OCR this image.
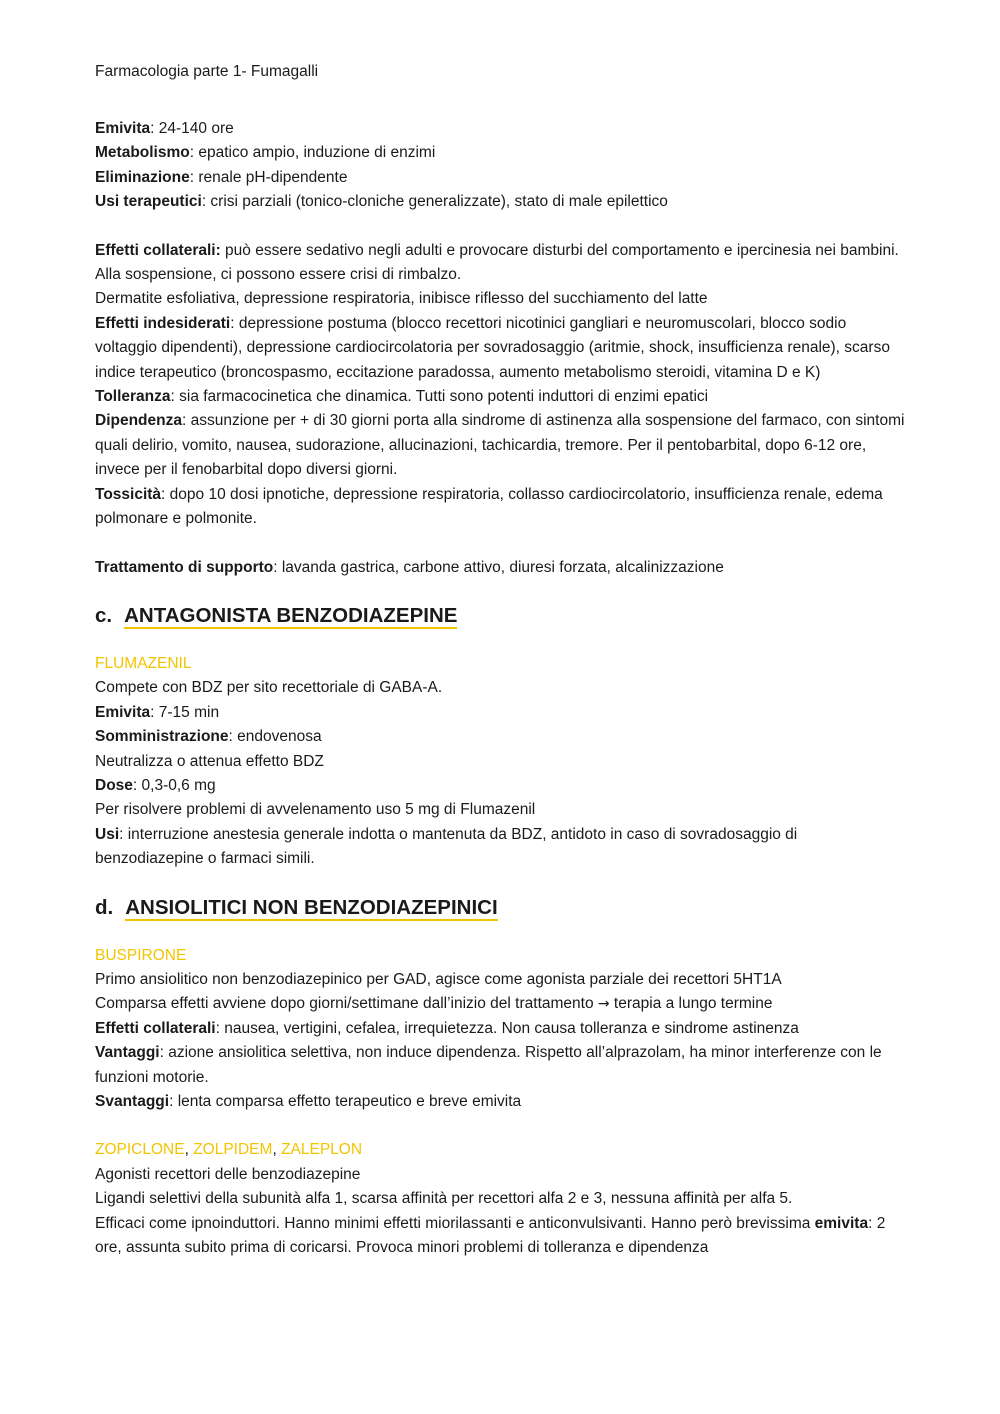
Farmacologia parte 1- Fumagalli

Emivita: 24-140 ore

Metabolismo: epatico ampio, induzione di enzimi

Eliminazione: renale pH-dipendente

Usi terapeutici: crisi parziali (tonico-cloniche generalizzate), stato di male epilettico

Effetti collaterali: può essere sedativo negli adulti e provocare disturbi del comportamento e ipercinesia nei bambini. Alla sospensione, ci possono essere crisi di rimbalzo.

Dermatite esfoliativa, depressione respiratoria, inibisce riflesso del succhiamento del latte

Effetti indesiderati: depressione postuma (blocco recettori nicotinici gangliari e neuromuscolari, blocco sodio voltaggio dipendenti), depressione cardiocircolatoria per sovradosaggio (aritmie, shock, insufficienza renale), scarso indice terapeutico (broncospasmo, eccitazione paradossa, aumento metabolismo steroidi, vitamina D e K)

Tolleranza: sia farmacocinetica che dinamica. Tutti sono potenti induttori di enzimi epatici

Dipendenza: assunzione per + di 30 giorni porta alla sindrome di astinenza alla sospensione del farmaco, con sintomi quali delirio, vomito, nausea, sudorazione, allucinazioni, tachicardia, tremore. Per il pentobarbital, dopo 6-12 ore, invece per il fenobarbital dopo diversi giorni.

Tossicità: dopo 10 dosi ipnotiche, depressione respiratoria, collasso cardiocircolatorio, insufficienza renale, edema polmonare e polmonite.

Trattamento di supporto: lavanda gastrica, carbone attivo, diuresi forzata, alcalinizzazione

c. ANTAGONISTA BENZODIAZEPINE

FLUMAZENIL

Compete con BDZ per sito recettoriale di GABA-A.

Emivita: 7-15 min

Somministrazione: endovenosa

Neutralizza o attenua effetto BDZ

Dose: 0,3-0,6 mg

Per risolvere problemi di avvelenamento uso 5 mg di Flumazenil

Usi: interruzione anestesia generale indotta o mantenuta da BDZ, antidoto in caso di sovradosaggio di benzodiazepine o farmaci simili.

d. ANSIOLITICI NON BENZODIAZEPINICI

BUSPIRONE

Primo ansiolitico non benzodiazepinico per GAD, agisce come agonista parziale dei recettori 5HT1A

Comparsa effetti avviene dopo giorni/settimane dall’inizio del trattamento → terapia a lungo termine

Effetti collaterali: nausea, vertigini, cefalea, irrequietezza. Non causa tolleranza e sindrome astinenza

Vantaggi: azione ansiolitica selettiva, non induce dipendenza. Rispetto all’alprazolam, ha minor interferenze con le funzioni motorie.

Svantaggi: lenta comparsa effetto terapeutico e breve emivita

ZOPICLONE, ZOLPIDEM, ZALEPLON

Agonisti recettori delle benzodiazepine

Ligandi selettivi della subunità alfa 1, scarsa affinità per recettori alfa 2 e 3, nessuna affinità per alfa 5.

Efficaci come ipnoinduttori. Hanno minimi effetti miorilassanti e anticonvulsivanti. Hanno però brevissima emivita: 2 ore, assunta subito prima di coricarsi. Provoca minori problemi di tolleranza e dipendenza
